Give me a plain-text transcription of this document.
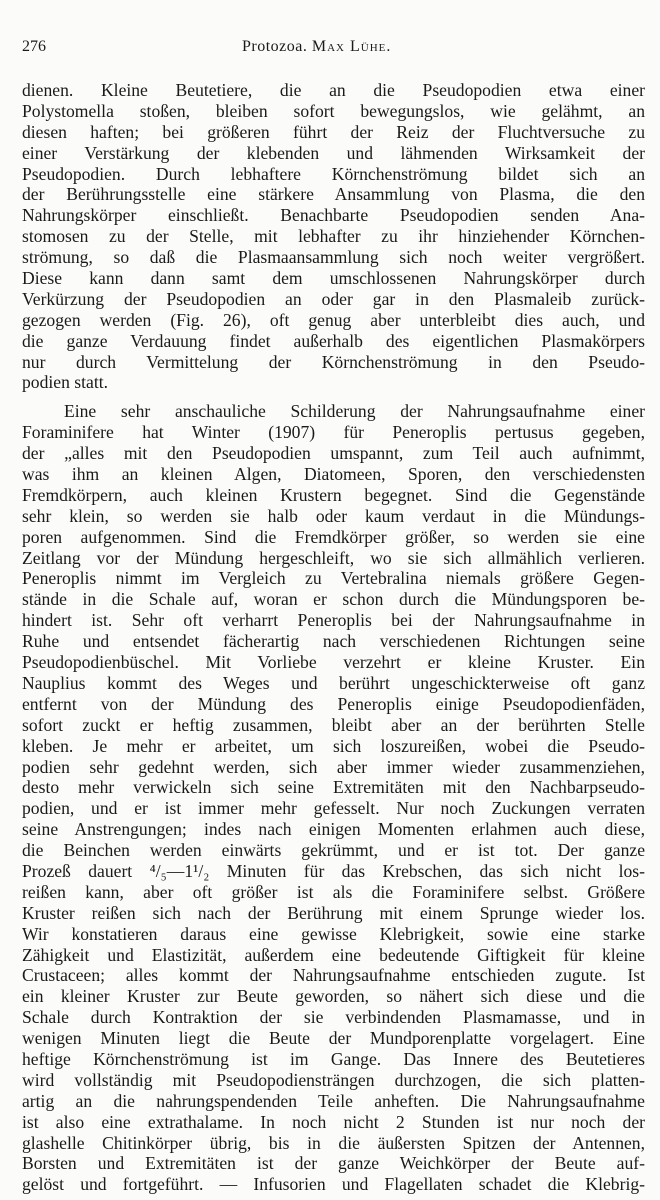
276	Protozoa. Max Lühe.
dienen. Kleine Beutetiere, die an die Pseudopodien etwa einer
Polystomella stoßen, bleiben sofort bewegungslos, wie gelähmt, an
diesen haften; bei größeren führt der Reiz der Fluchtversuche zu
einer Verstärkung der klebenden und lähmenden Wirksamkeit der
Pseudopodien. Durch lebhaftere Körnchenströmung bildet sich an
der Berührungsstelle eine stärkere Ansammlung von Plasma, die den
Nahrungskörper einschließt. Benachbarte Pseudopodien senden Ana-
stomosen zu der Stelle, mit lebhafter zu ihr hinziehender Körnchen-
strömung, so daß die Plasmaansammlung sich noch weiter vergrößert.
Diese kann dann samt dem umschlossenen Nahrungskörper durch
Verkürzung der Pseudopodien an oder gar in den Plasmaleib zurück-
gezogen werden (Fig. 26), oft genug aber unterbleibt dies auch, und
die ganze Verdauung findet außerhalb des eigentlichen Plasmakörpers
nur durch Vermittelung der Körnchenströmung in den Pseudo-
podien statt.
Eine sehr anschauliche Schilderung der Nahrungsaufnahme einer
Foraminifere hat Winter (1907) für Peneroplis pertusus gegeben,
der „alles mit den Pseudopodien umspannt, zum Teil auch aufnimmt,
was ihm an kleinen Algen, Diatomeen, Sporen, den verschiedensten
Fremdkörpern, auch kleinen Krustern begegnet. Sind die Gegenstände
sehr klein, so werden sie halb oder kaum verdaut in die Mündungs-
poren aufgenommen. Sind die Fremdkörper größer, so werden sie eine
Zeitlang vor der Mündung hergeschleift, wo sie sich allmählich verlieren.
Peneroplis nimmt im Vergleich zu Vertebralina niemals größere Gegen-
stände in die Schale auf, woran er schon durch die Mündungsporen be-
hindert ist. Sehr oft verharrt Peneroplis bei der Nahrungsaufnahme in
Ruhe und entsendet fächerartig nach verschiedenen Richtungen seine
Pseudopodienbüschel. Mit Vorliebe verzehrt er kleine Kruster. Ein
Nauplius kommt des Weges und berührt ungeschickterweise oft ganz
entfernt von der Mündung des Peneroplis einige Pseudopodienfäden,
sofort zuckt er heftig zusammen, bleibt aber an der berührten Stelle
kleben. Je mehr er arbeitet, um sich loszureißen, wobei die Pseudo-
podien sehr gedehnt werden, sich aber immer wieder zusammenziehen,
desto mehr verwickeln sich seine Extremitäten mit den Nachbarpseudo-
podien, und er ist immer mehr gefesselt. Nur noch Zuckungen verraten
seine Anstrengungen; indes nach einigen Momenten erlahmen auch diese,
die Beinchen werden einwärts gekrümmt, und er ist tot. Der ganze
Prozeß dauert ⁴/₅—1¹/₂ Minuten für das Krebschen, das sich nicht los-
reißen kann, aber oft größer ist als die Foraminifere selbst. Größere
Kruster reißen sich nach der Berührung mit einem Sprunge wieder los.
Wir konstatieren daraus eine gewisse Klebrigkeit, sowie eine starke
Zähigkeit und Elastizität, außerdem eine bedeutende Giftigkeit für kleine
Crustaceen; alles kommt der Nahrungsaufnahme entschieden zugute. Ist
ein kleiner Kruster zur Beute geworden, so nähert sich diese und die
Schale durch Kontraktion der sie verbindenden Plasmamasse, und in
wenigen Minuten liegt die Beute der Mundporenplatte vorgelagert. Eine
heftige Körnchenströmung ist im Gange. Das Innere des Beutetieres
wird vollständig mit Pseudopodiensträngen durchzogen, die sich platten-
artig an die nahrungspendenden Teile anheften. Die Nahrungsaufnahme
ist also eine extrathalame. In noch nicht 2 Stunden ist nur noch der
glashelle Chitinkörper übrig, bis in die äußersten Spitzen der Antennen,
Borsten und Extremitäten ist der ganze Weichkörper der Beute auf-
gelöst und fortgeführt. — Infusorien und Flagellaten schadet die Klebrig-
